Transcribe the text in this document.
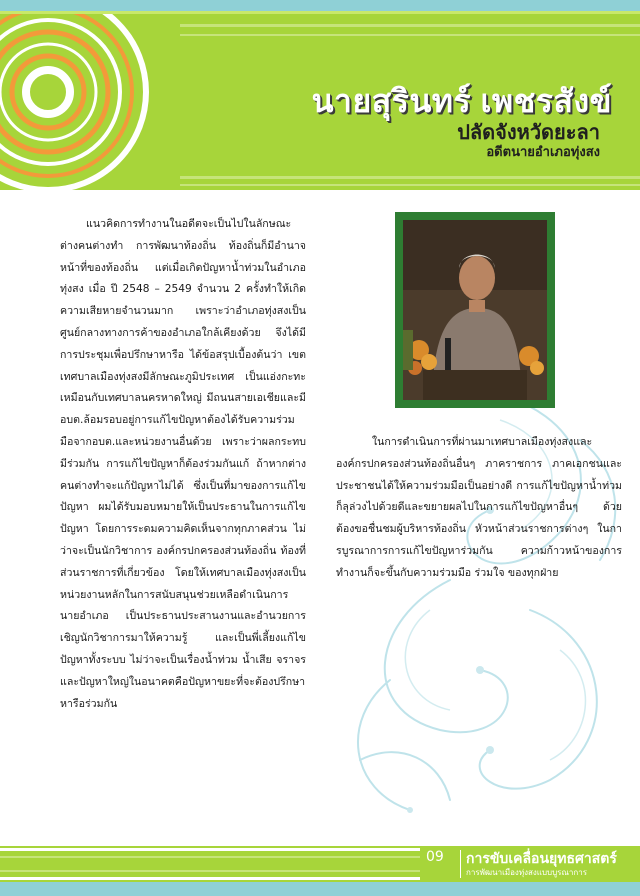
นายสุรินทร์ เพชรสังข์
ปลัดจังหวัดยะลา
อดีตนายอำเภอทุ่งสง

แนวคิดการทำงานในอดีตจะเป็นไปในลักษณะต่างคนต่างทำ การพัฒนาท้องถิ่น ท้องถิ่นก็มีอำนาจหน้าที่ของท้องถิ่น แต่เมื่อเกิดปัญหาน้ำท่วมในอำเภอทุ่งสง เมื่อ ปี 2548 – 2549 จำนวน 2 ครั้งทำให้เกิดความเสียหายจำนวนมาก เพราะว่าอำเภอทุ่งสงเป็นศูนย์กลางทางการค้าของอำเภอใกล้เคียงด้วย จึงได้มีการประชุมเพื่อปรึกษาหารือ ได้ข้อสรุปเบื้องต้นว่า เขตเทศบาลเมืองทุ่งสงมีลักษณะภูมิประเทศ เป็นแอ่งกะทะเหมือนกับเทศบาลนครหาดใหญ่ มีถนนสายเอเชียและมีอบต.ล้อมรอบอยู่การแก้ไขปัญหาต้องได้รับความร่วมมือจากอบต.และหน่วยงานอื่นด้วย เพราะว่าผลกระทบมีร่วมกัน การแก้ไขปัญหาก็ต้องร่วมกันแก้ ถ้าหากต่างคนต่างทำจะแก้ปัญหาไม่ได้ ซึ่งเป็นที่มาของการแก้ไขปัญหา ผมได้รับมอบหมายให้เป็นประธานในการแก้ไขปัญหา โดยการระดมความคิดเห็นจากทุกภาคส่วน ไม่ว่าจะเป็นนักวิชาการ องค์กรปกครองส่วนท้องถิ่น ท้องที่ ส่วนราชการที่เกี่ยวข้อง โดยให้เทศบาลเมืองทุ่งสงเป็นหน่วยงานหลักในการสนับสนุนช่วยเหลือดำเนินการ นายอำเภอ เป็นประธานประสานงานและอำนวยการเชิญนักวิชาการมาให้ความรู้ และเป็นพี่เลี้ยงแก้ไขปัญหาทั้งระบบ ไม่ว่าจะเป็นเรื่องน้ำท่วม น้ำเสีย จราจรและปัญหาใหญ่ในอนาคตคือปัญหาขยะที่จะต้องปรึกษาหารือร่วมกัน

ในการดำเนินการที่ผ่านมาเทศบาลเมืองทุ่งสงและองค์กรปกครองส่วนท้องถิ่นอื่นๆ ภาคราชการ ภาคเอกชนและประชาชนได้ให้ความร่วมมือเป็นอย่างดี การแก้ไขปัญหาน้ำท่วมก็ลุล่วงไปด้วยดีและขยายผลไปในการแก้ไขปัญหาอื่นๆ ด้วย ต้องขอชื่นชมผู้บริหารท้องถิ่น หัวหน้าส่วนราชการต่างๆ ในการบูรณาการการแก้ไขปัญหาร่วมกัน ความก้าวหน้าของการทำงานก็จะขึ้นกับความร่วมมือ ร่วมใจ ของทุกฝ่าย

09 การขับเคลื่อนยุทธศาสตร์
การพัฒนาเมืองทุ่งสงแบบบูรณาการ
